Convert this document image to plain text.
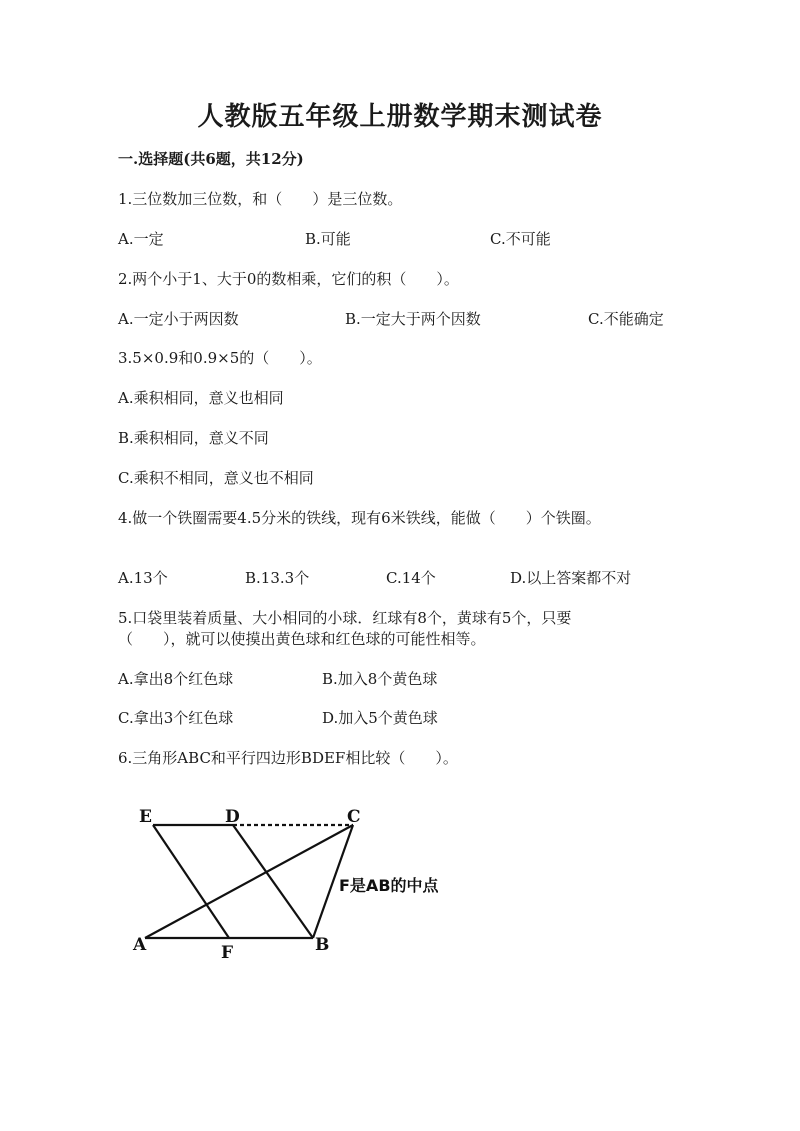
人教版五年级上册数学期末测试卷
一.选择题(共6题，共12分)
1.三位数加三位数，和（　　）是三位数。
A.一定	B.可能	C.不可能
2.两个小于1、大于0的数相乘，它们的积（　　）。
A.一定小于两因数	B.一定大于两个因数	C.不能确定
3.5×0.9和0.9×5的（　　）。
A.乘积相同，意义也相同
B.乘积相同，意义不同
C.乘积不相同，意义也不相同
4.做一个铁圈需要4.5分米的铁线，现有6米铁线，能做（　　）个铁圈。
A.13个	B.13.3个	C.14个	D.以上答案都不对
5.口袋里装着质量、大小相同的小球．红球有8个，黄球有5个，只要
（　　），就可以使摸出黄色球和红色球的可能性相等。
A.拿出8个红色球	B.加入8个黄色球
C.拿出3个红色球	D.加入5个黄色球
6.三角形ABC和平行四边形BDEF相比较（　　）。
E	D	C
A	F	B
F是AB的中点
